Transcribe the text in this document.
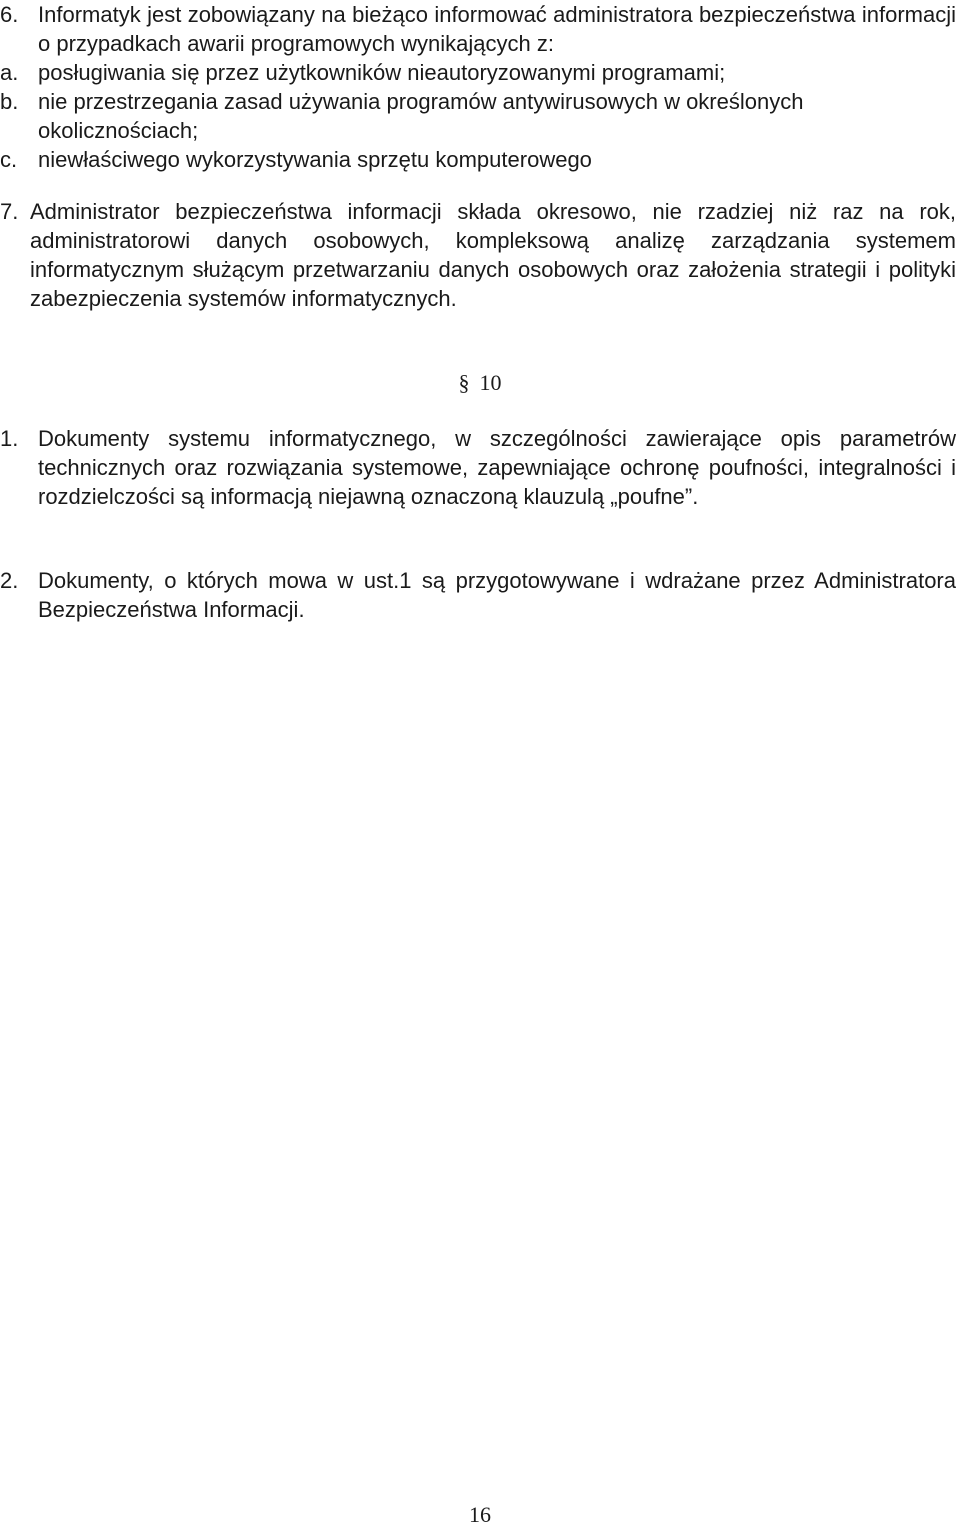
6. Informatyk jest zobowiązany na bieżąco informować administratora bezpieczeństwa informacji o przypadkach awarii programowych wynikających z:
a. posługiwania się przez użytkowników nieautoryzowanymi programami;
b. nie przestrzegania zasad używania programów antywirusowych w określonych okolicznościach;
c. niewłaściwego wykorzystywania sprzętu komputerowego
7. Administrator bezpieczeństwa informacji składa okresowo, nie rzadziej niż raz na rok, administratorowi danych osobowych, kompleksową analizę zarządzania systemem informatycznym służącym przetwarzaniu danych osobowych oraz założenia strategii i polityki zabezpieczenia systemów informatycznych.
§ 10
1. Dokumenty systemu informatycznego, w szczególności zawierające opis parametrów technicznych oraz rozwiązania systemowe, zapewniające ochronę poufności, integralności i rozdzielczości są informacją niejawną oznaczoną klauzulą „poufne”.
2. Dokumenty, o których mowa w ust.1 są przygotowywane i wdrażane przez Administratora Bezpieczeństwa Informacji.
16
